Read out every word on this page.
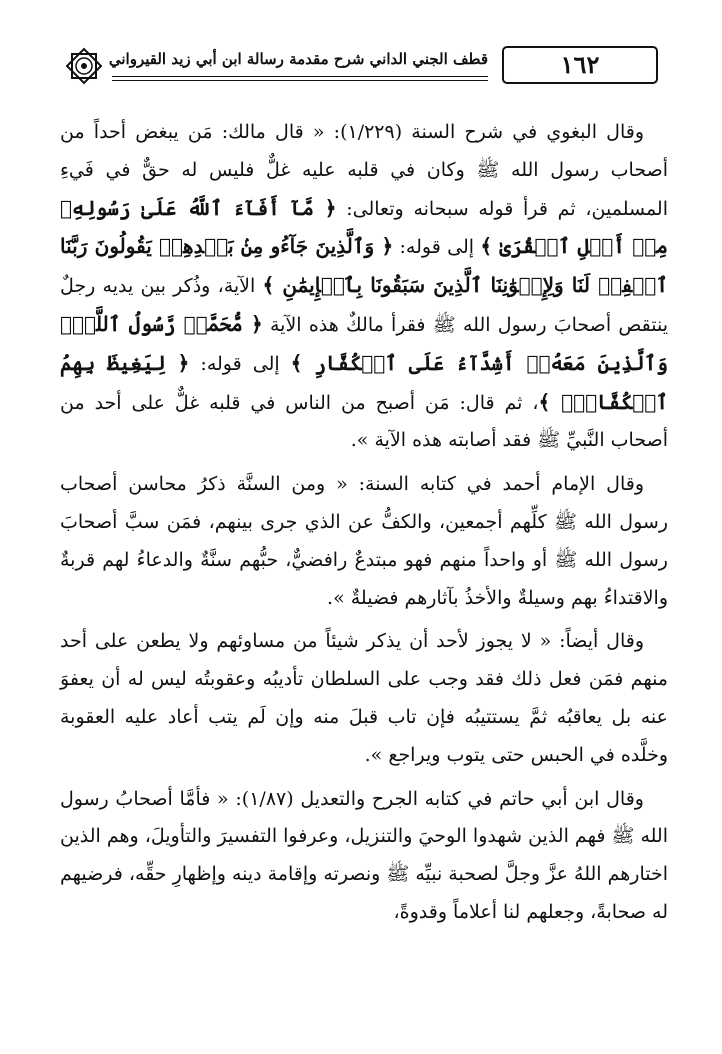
قطف الجني الداني شرح مقدمة رسالة ابن أبي زيد القيرواني	١٦٢

وقال البغوي في شرح السنة (١/٢٢٩): « قال مالك: مَن يبغض أحداً من أصحاب رسول الله ﷺ وكان في قلبه عليه غلٌّ فليس له حقٌّ في فَيءِ المسلمين، ثم قرأ قوله سبحانه وتعالى: ﴿ مَّآ أَفَآءَ ٱللَّهُ عَلَىٰ رَسُولِهِۦ مِنۡ أَهۡلِ ٱلۡقُرَىٰ ﴾ إلى قوله: ﴿ وَٱلَّذِينَ جَآءُو مِنۢ بَعۡدِهِمۡ يَقُولُونَ رَبَّنَا ٱغۡفِرۡ لَنَا وَلِإِخۡوَٰنِنَا ٱلَّذِينَ سَبَقُونَا بِٱلۡإِيمَٰنِ ﴾ الآية، وذُكر بين يديه رجلٌ ينتقص أصحابَ رسول الله ﷺ فقرأ مالكٌ هذه الآية ﴿ مُّحَمَّدٞ رَّسُولُ ٱللَّهِۚ وَٱلَّذِينَ مَعَهُۥٓ أَشِدَّآءُ عَلَى ٱلۡكُفَّارِ ﴾ إلى قوله: ﴿ لِيَغِيظَ بِهِمُ ٱلۡكُفَّارَۗ ﴾، ثم قال: مَن أصبح من الناس في قلبه غلٌّ على أحد من أصحاب النَّبيِّ ﷺ فقد أصابته هذه الآية ».

وقال الإمام أحمد في كتابه السنة: « ومن السنَّة ذكرُ محاسن أصحاب رسول الله ﷺ كلِّهم أجمعين، والكفُّ عن الذي جرى بينهم، فمَن سبَّ أصحابَ رسول الله ﷺ أو واحداً منهم فهو مبتدعٌ رافضيٌّ، حبُّهم سنَّةٌ والدعاءُ لهم قربةٌ والاقتداءُ بهم وسيلةٌ والأخذُ بآثارهم فضيلةٌ ».

وقال أيضاً: « لا يجوز لأحد أن يذكر شيئاً من مساوئهم ولا يطعن على أحد منهم فمَن فعل ذلك فقد وجب على السلطان تأديبُه وعقوبتُه ليس له أن يعفوَ عنه بل يعاقبُه ثمَّ يستتيبُه فإن تاب قبلَ منه وإن لَم يتب أعاد عليه العقوبة وخلَّده في الحبس حتى يتوب ويراجع ».

وقال ابن أبي حاتم في كتابه الجرح والتعديل (١/٨٧): « فأمَّا أصحابُ رسول الله ﷺ فهم الذين شهدوا الوحيَ والتنزيل، وعرفوا التفسيرَ والتأويلَ، وهم الذين اختارهم اللهُ عزَّ وجلَّ لصحبة نبيِّه ﷺ ونصرته وإقامة دينه وإظهارِ حقِّه، فرضيهم له صحابةً، وجعلهم لنا أعلاماً وقدوةً،
